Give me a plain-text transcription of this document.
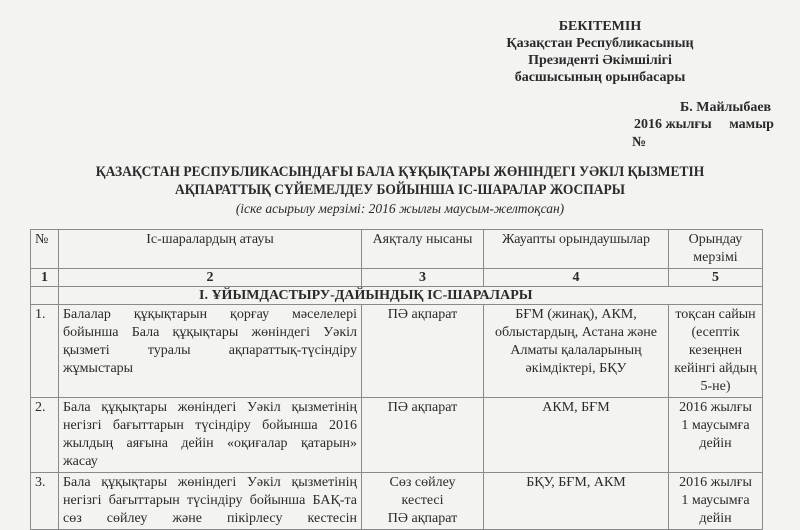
БЕКІТЕМІН
Қазақстан Республикасының
Президенті Әкімшілігі
басшысының орынбасары
Б. Майлыбаев
2016 жылғы     мамыр
№
ҚАЗАҚСТАН РЕСПУБЛИКАСЫНДАҒЫ БАЛА ҚҰҚЫҚТАРЫ ЖӨНІНДЕГІ УӘКІЛ ҚЫЗМЕТІН
АҚПАРАТТЫҚ СҮЙЕМЕЛДЕУ БОЙЫНША ІС-ШАРАЛАР ЖОСПАРЫ
(іске асырылу мерзімі: 2016 жылғы маусым-желтоқсан)
№	Іс-шаралардың атауы	Аяқталу нысаны	Жауапты орындаушылар	Орындау мерзімі
1	2	3	4	5
	I. ҰЙЫМДАСТЫРУ-ДАЙЫНДЫҚ ІС-ШАРАЛАРЫ			
1.	Балалар құқықтарын қорғау мәселелері
бойынша Бала құқықтары жөніндегі Уәкіл
қызметі туралы ақпараттық-түсіндіру
жұмыстары	ПӘ ақпарат	БҒМ (жинақ), АКМ,
облыстардың, Астана және
Алматы қалаларының
әкімдіктері, БҚУ	тоқсан сайын
(есептік
кезеңнен
кейінгі айдың
5-не)

2.	Бала құқықтары жөніндегі Уәкіл қызметінің
негізгі бағыттарын түсіндіру бойынша 2016
жылдың аяғына дейін «оқиғалар қатарын»
жасау	ПӘ ақпарат	АКМ, БҒМ	2016 жылғы
1 маусымға
дейін

3.	Бала құқықтары жөніндегі Уәкіл қызметінің
негізгі бағыттарын түсіндіру бойынша БАҚ-та
сөз сөйлеу және пікірлесу кестесін	Сөз сөйлеу
кестесі
ПӘ ақпарат	БҚУ, БҒМ, АКМ	2016 жылғы
1 маусымға
дейін
